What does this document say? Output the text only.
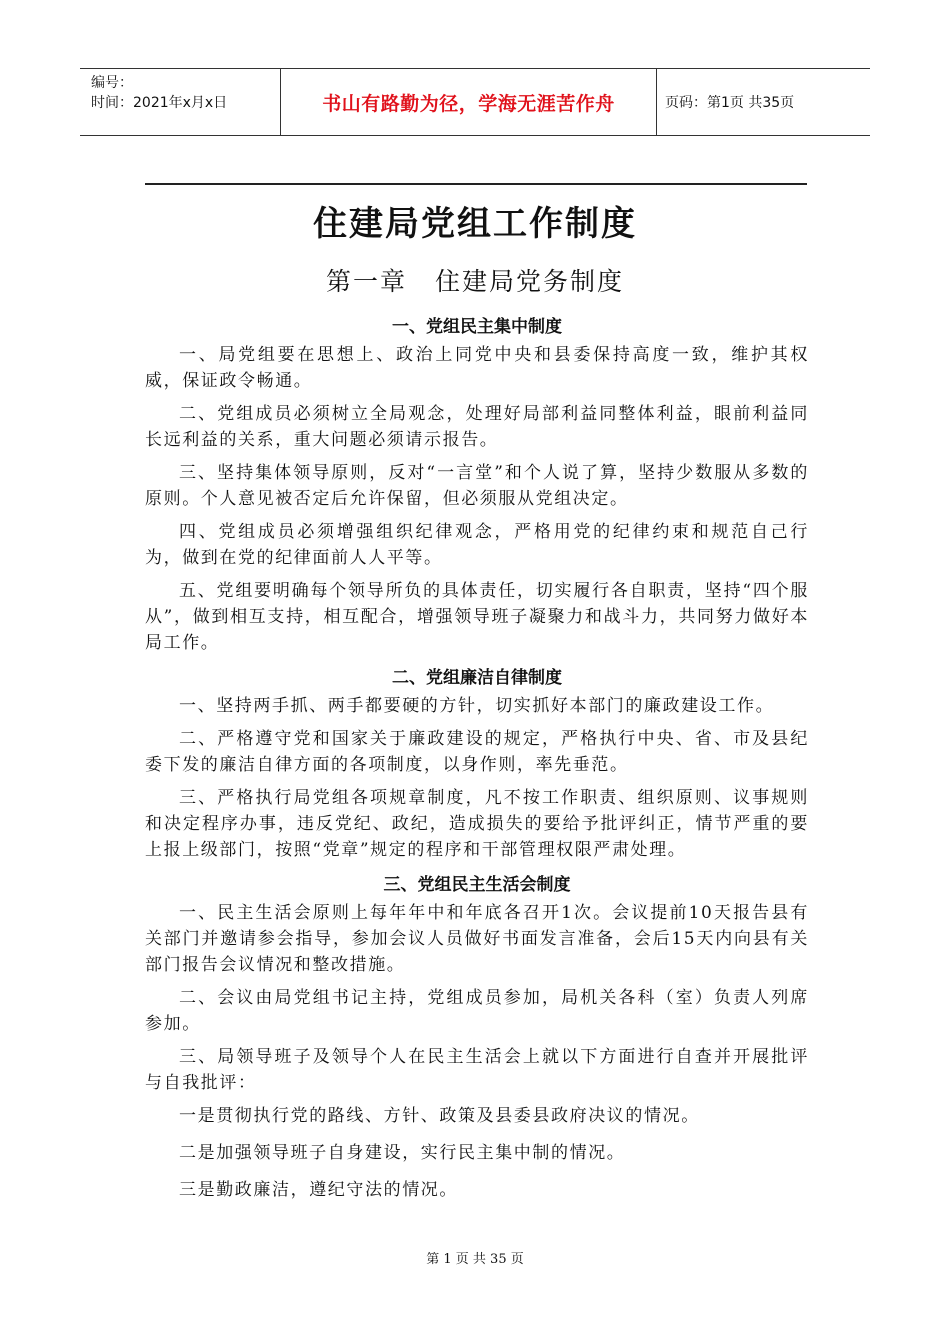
编号：
时间：2021年x月x日	书山有路勤为径，学海无涯苦作舟	页码：第1页 共35页
住建局党组工作制度
第一章 住建局党务制度
一、党组民主集中制度

一、局党组要在思想上、政治上同党中央和县委保持高度一致，维护其权威，保证政令畅通。

二、党组成员必须树立全局观念，处理好局部利益同整体利益，眼前利益同长远利益的关系，重大问题必须请示报告。

三、坚持集体领导原则，反对“一言堂”和个人说了算，坚持少数服从多数的原则。个人意见被否定后允许保留，但必须服从党组决定。

四、党组成员必须增强组织纪律观念，严格用党的纪律约束和规范自己行为，做到在党的纪律面前人人平等。

五、党组要明确每个领导所负的具体责任，切实履行各自职责，坚持“四个服从”，做到相互支持，相互配合，增强领导班子凝聚力和战斗力，共同努力做好本局工作。

二、党组廉洁自律制度

一、坚持两手抓、两手都要硬的方针，切实抓好本部门的廉政建设工作。

二、严格遵守党和国家关于廉政建设的规定，严格执行中央、省、市及县纪委下发的廉洁自律方面的各项制度，以身作则，率先垂范。

三、严格执行局党组各项规章制度，凡不按工作职责、组织原则、议事规则和决定程序办事，违反党纪、政纪，造成损失的要给予批评纠正，情节严重的要上报上级部门，按照“党章”规定的程序和干部管理权限严肃处理。

三、党组民主生活会制度

一、民主生活会原则上每年年中和年底各召开1次。会议提前10天报告县有关部门并邀请参会指导，参加会议人员做好书面发言准备，会后15天内向县有关部门报告会议情况和整改措施。

二、会议由局党组书记主持，党组成员参加，局机关各科（室）负责人列席参加。

三、局领导班子及领导个人在民主生活会上就以下方面进行自查并开展批评与自我批评：

一是贯彻执行党的路线、方针、政策及县委县政府决议的情况。

二是加强领导班子自身建设，实行民主集中制的情况。

三是勤政廉洁，遵纪守法的情况。

第 1 页 共 35 页
